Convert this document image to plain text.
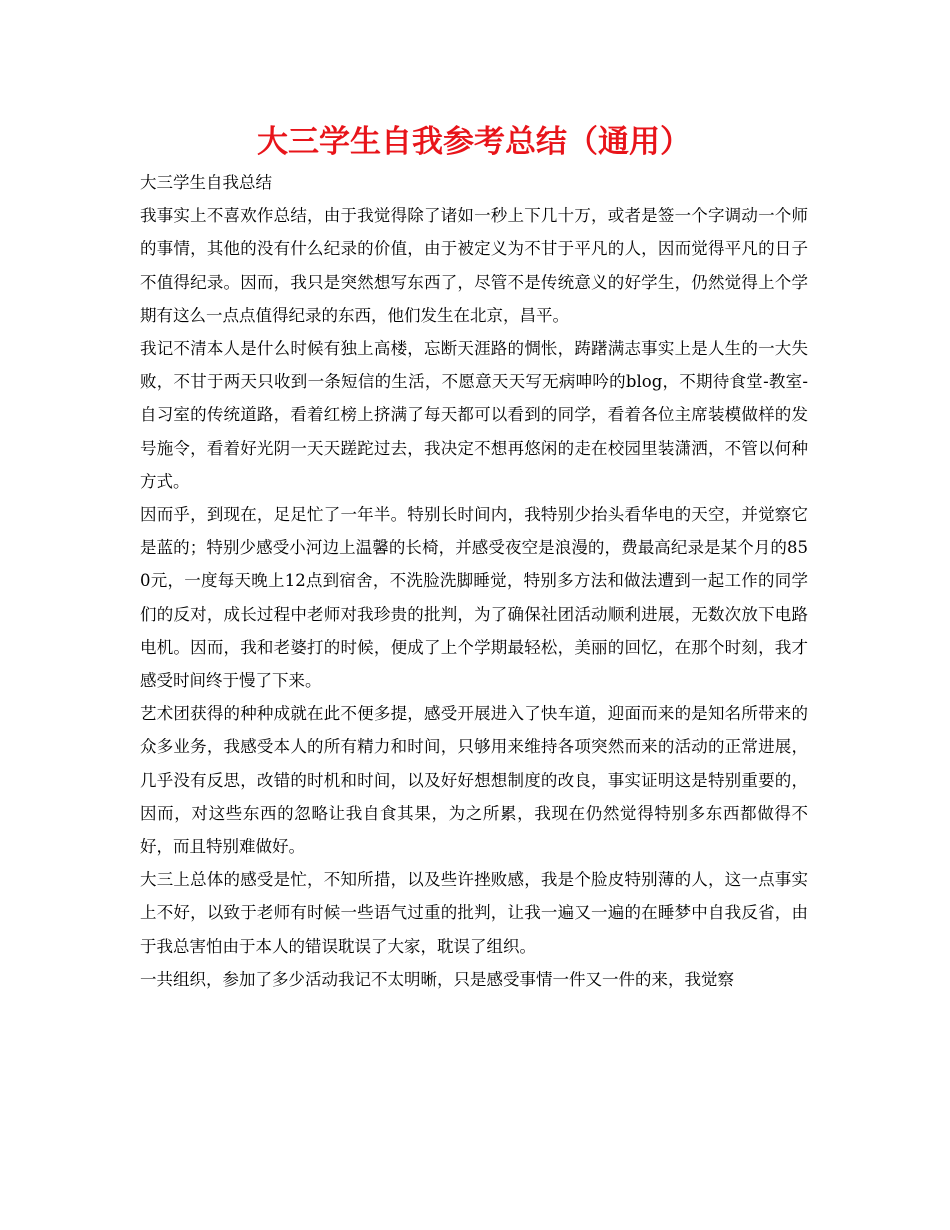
大三学生自我参考总结（通用）

大三学生自我总结

我事实上不喜欢作总结，由于我觉得除了诸如一秒上下几十万，或者是签一个字调动一个师的事情，其他的没有什么纪录的价值，由于被定义为不甘于平凡的人，因而觉得平凡的日子不值得纪录。因而，我只是突然想写东西了，尽管不是传统意义的好学生，仍然觉得上个学期有这么一点点值得纪录的东西，他们发生在北京，昌平。

我记不清本人是什么时候有独上高楼，忘断天涯路的惆怅，踌躇满志事实上是人生的一大失败，不甘于两天只收到一条短信的生活，不愿意天天写无病呻吟的blog，不期待食堂-教室-自习室的传统道路，看着红榜上挤满了每天都可以看到的同学，看着各位主席装模做样的发号施令，看着好光阴一天天蹉跎过去，我决定不想再悠闲的走在校园里装潇洒，不管以何种方式。

因而乎，到现在，足足忙了一年半。特别长时间内，我特别少抬头看华电的天空，并觉察它是蓝的；特别少感受小河边上温馨的长椅，并感受夜空是浪漫的，费最高纪录是某个月的850元，一度每天晚上12点到宿舍，不洗脸洗脚睡觉，特别多方法和做法遭到一起工作的同学们的反对，成长过程中老师对我珍贵的批判，为了确保社团活动顺利进展，无数次放下电路电机。因而，我和老婆打的时候，便成了上个学期最轻松，美丽的回忆，在那个时刻，我才感受时间终于慢了下来。

艺术团获得的种种成就在此不便多提，感受开展进入了快车道，迎面而来的是知名所带来的众多业务，我感受本人的所有精力和时间，只够用来维持各项突然而来的活动的正常进展，几乎没有反思，改错的时机和时间，以及好好想想制度的改良，事实证明这是特别重要的，因而，对这些东西的忽略让我自食其果，为之所累，我现在仍然觉得特别多东西都做得不好，而且特别难做好。

大三上总体的感受是忙，不知所措，以及些许挫败感，我是个脸皮特别薄的人，这一点事实上不好，以致于老师有时候一些语气过重的批判，让我一遍又一遍的在睡梦中自我反省，由于我总害怕由于本人的错误耽误了大家，耽误了组织。

一共组织，参加了多少活动我记不太明晰，只是感受事情一件又一件的来，我觉察
